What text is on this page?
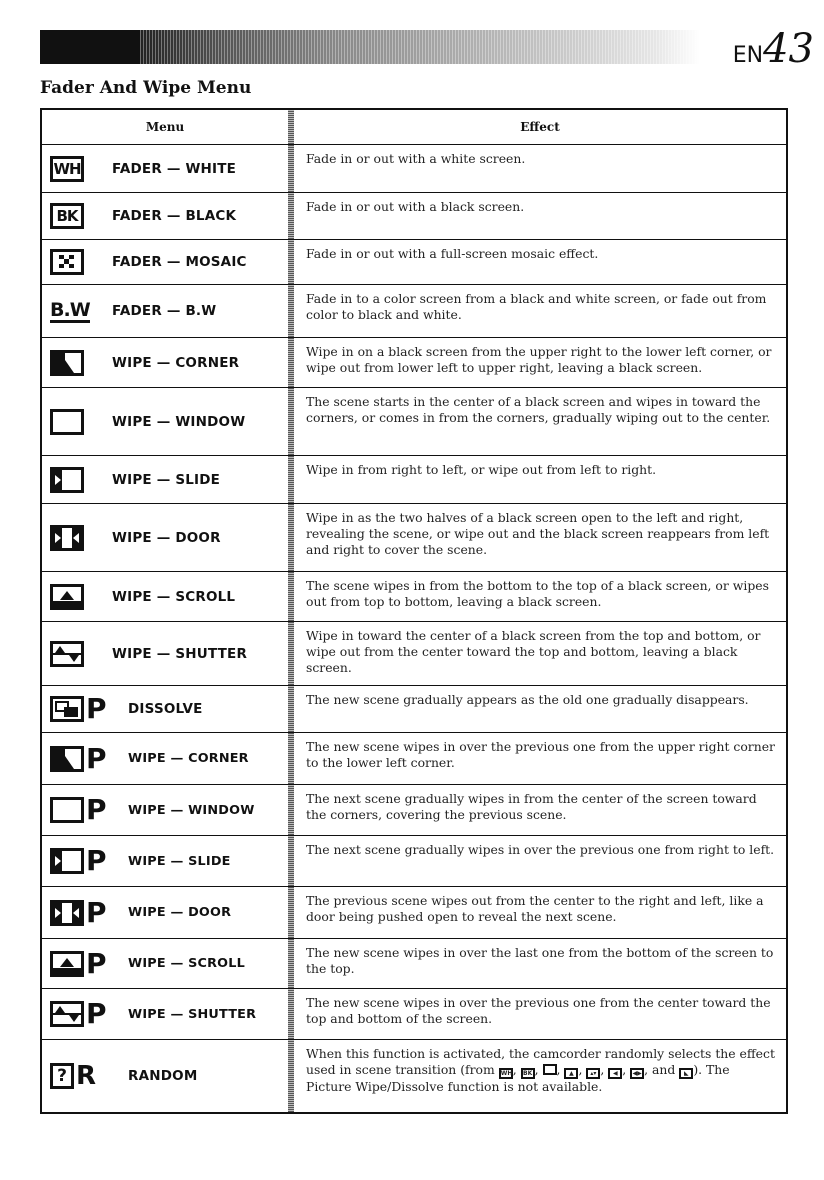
EN43
Fader And Wipe Menu
Menu	Effect
WH FADER — WHITE
Fade in or out with a white screen.
BK	FADER — BLACK
Fade in or out with a black screen.
FADER — MOSAIC
Fade in or out with a full-screen mosaic effect.
B.W FADER — B.W
Fade in to a color screen from a black and white screen, or fade out from color to black and white.
WIPE — CORNER
Wipe in on a black screen from the upper right to the lower left corner, or wipe out from lower left to upper right, leaving a black screen.
WIPE — WINDOW
The scene starts in the center of a black screen and wipes in toward the corners, or comes in from the corners, gradually wiping out to the center.
WIPE — SLIDE
Wipe in from right to left, or wipe out from left to right.
WIPE — DOOR
Wipe in as the two halves of a black screen open to the left and right, revealing the scene, or wipe out and the black screen reappears from left and right to cover the scene.
WIPE — SCROLL
The scene wipes in from the bottom to the top of a black screen, or wipes out from top to bottom, leaving a black screen.
WIPE — SHUTTER
Wipe in toward the center of a black screen from the top and bottom, or wipe out from the center toward the top and bottom, leaving a black screen.
P DISSOLVE
The new scene gradually appears as the old one gradually disappears.
P WIPE — CORNER
The new scene wipes in over the previous one from the upper right corner to the lower left corner.
P WIPE — WINDOW
The next scene gradually wipes in from the center of the screen toward the corners, covering the previous scene.
P WIPE — SLIDE
The next scene gradually wipes in over the previous one from right to left.
P WIPE — DOOR
The previous scene wipes out from the center to the right and left, like a door being pushed open to reveal the next scene.
P WIPE — SCROLL
The new scene wipes in over the last one from the bottom of the screen to the top.
P WIPE — SHUTTER
The new scene wipes in over the previous one from the center toward the top and bottom of the screen.
? R RANDOM
When this function is activated, the camcorder randomly selects the effect used in scene transition (from WH, BK , , ▲ , ▴▾ , ◀ , ◀▶ , and ◣ ). The Picture Wipe/Dissolve function is not available.
